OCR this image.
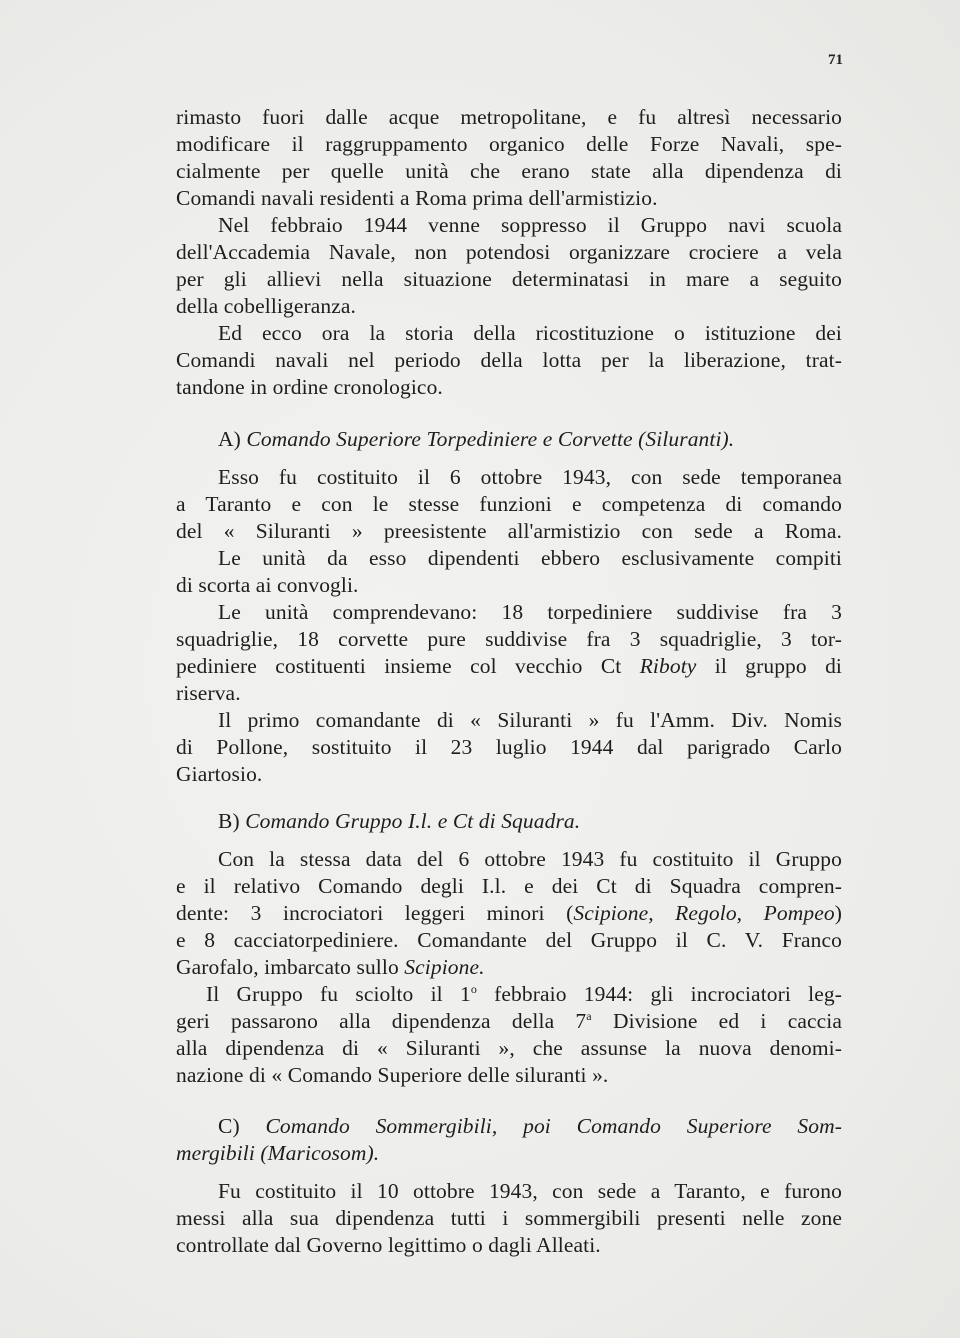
71
rimasto fuori dalle acque metropolitane, e fu altresì necessario
modificare il raggruppamento organico delle Forze Navali, spe-
cialmente per quelle unità che erano state alla dipendenza di
Comandi navali residenti a Roma prima dell'armistizio.
Nel febbraio 1944 venne soppresso il Gruppo navi scuola
dell'Accademia Navale, non potendosi organizzare crociere a vela
per gli allievi nella situazione determinatasi in mare a seguito
della cobelligeranza.
Ed ecco ora la storia della ricostituzione o istituzione dei
Comandi navali nel periodo della lotta per la liberazione, trat-
tandone in ordine cronologico.
A) Comando Superiore Torpediniere e Corvette (Siluranti).
Esso fu costituito il 6 ottobre 1943, con sede temporanea
a Taranto e con le stesse funzioni e competenza di comando
del « Siluranti » preesistente all'armistizio con sede a Roma.
Le unità da esso dipendenti ebbero esclusivamente compiti
di scorta ai convogli.
Le unità comprendevano: 18 torpediniere suddivise fra 3
squadriglie, 18 corvette pure suddivise fra 3 squadriglie, 3 tor-
pediniere costituenti insieme col vecchio Ct Riboty il gruppo di
riserva.
Il primo comandante di « Siluranti » fu l'Amm. Div. Nomis
di Pollone, sostituito il 23 luglio 1944 dal parigrado Carlo
Giartosio.
B) Comando Gruppo I.l. e Ct di Squadra.
Con la stessa data del 6 ottobre 1943 fu costituito il Gruppo
e il relativo Comando degli I.l. e dei Ct di Squadra compren-
dente: 3 incrociatori leggeri minori (Scipione, Regolo, Pompeo)
e 8 cacciatorpediniere. Comandante del Gruppo il C. V. Franco
Garofalo, imbarcato sullo Scipione.
Il Gruppo fu sciolto il 1$^o$ febbraio 1944: gli incrociatori leg-
geri passarono alla dipendenza della 7$^a$ Divisione ed i caccia
alla dipendenza di « Siluranti », che assunse la nuova denomi-
nazione di « Comando Superiore delle siluranti ».
C) Comando Sommergibili, poi Comando Superiore Som-
mergibili (Maricosom).
Fu costituito il 10 ottobre 1943, con sede a Taranto, e furono
messi alla sua dipendenza tutti i sommergibili presenti nelle zone
controllate dal Governo legittimo o dagli Alleati.
